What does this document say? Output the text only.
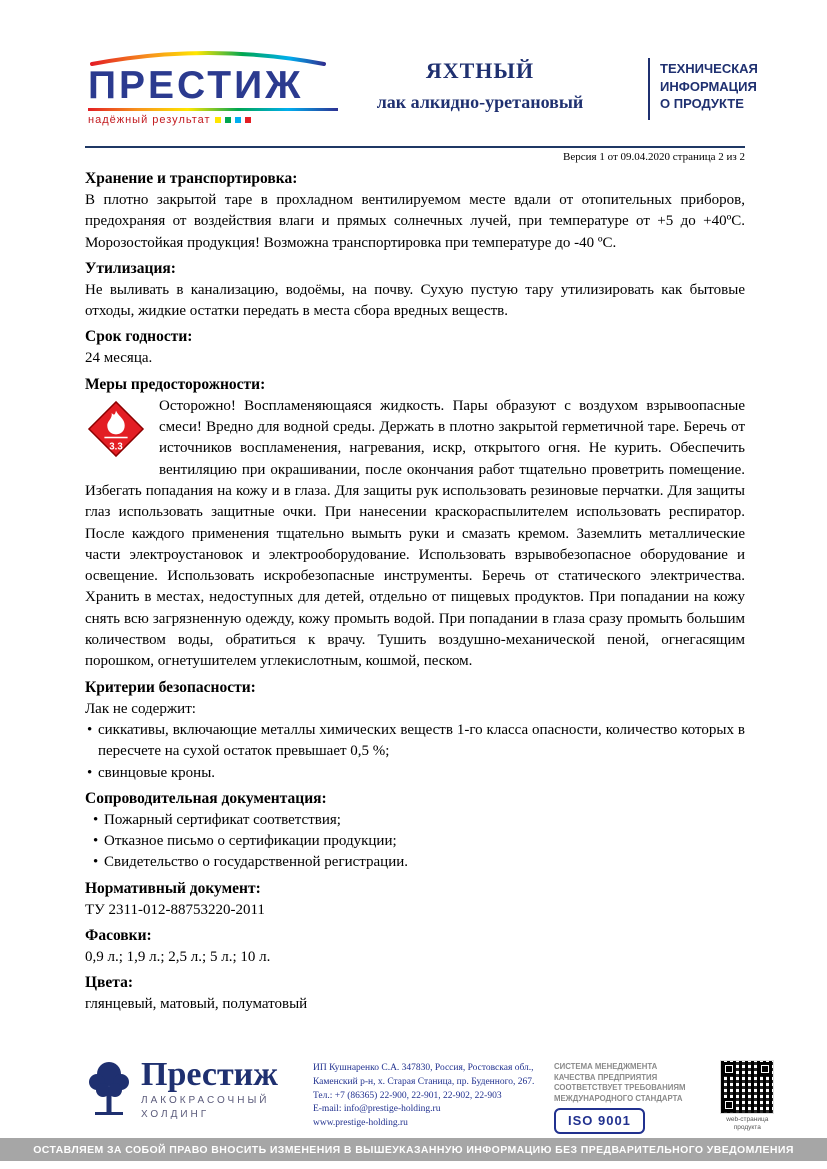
ПРЕСТИЖ
надёжный результат
ЯХТНЫЙ
лак алкидно-уретановый
ТЕХНИЧЕСКАЯ
ИНФОРМАЦИЯ
О ПРОДУКТЕ
Версия 1 от 09.04.2020 страница 2 из 2
Хранение и транспортировка:
В плотно закрытой таре в прохладном вентилируемом месте вдали от отопительных приборов, предохраняя от воздействия влаги и прямых солнечных лучей, при температуре от +5 до +40ºС. Морозостойкая продукция! Возможна транспортировка при температуре до -40 ºС.
Утилизация:
Не выливать в канализацию, водоёмы, на почву. Сухую пустую тару утилизировать как бытовые отходы, жидкие остатки передать в места сбора вредных веществ.
Срок годности:
24 месяца.
Меры предосторожности:
3.3
Осторожно! Воспламеняющаяся жидкость. Пары образуют с воздухом взрывоопасные смеси! Вредно для водной среды. Держать в плотно закрытой герметичной таре. Беречь от источников воспламенения, нагревания, искр, открытого огня. Не курить. Обеспечить вентиляцию при окрашивании, после окончания работ тщательно проветрить помещение. Избегать попадания на кожу и в глаза. Для защиты рук использовать резиновые перчатки. Для защиты глаз использовать защитные очки. При нанесении краскораспылителем использовать респиратор. После каждого применения тщательно вымыть руки и смазать кремом. Заземлить металлические части электроустановок и электрооборудование. Использовать взрывобезопасное оборудование и освещение. Использовать искробезопасные инструменты. Беречь от статического электричества. Хранить в местах, недоступных для детей, отдельно от пищевых продуктов. При попадании на кожу снять всю загрязненную одежду, кожу промыть водой. При попадании в глаза сразу промыть большим количеством воды, обратиться к врачу. Тушить воздушно-механической пеной, огнегасящим порошком, огнетушителем углекислотным, кошмой, песком.
Критерии безопасности:
Лак не содержит:
• сиккативы, включающие металлы химических веществ 1-го класса опасности, количество которых в пересчете на сухой остаток превышает 0,5 %;
• свинцовые кроны.
Сопроводительная документация:
• Пожарный сертификат соответствия;
• Отказное письмо о сертификации продукции;
• Свидетельство о государственной регистрации.
Нормативный документ:
ТУ 2311-012-88753220-2011
Фасовки:
0,9 л.; 1,9 л.; 2,5 л.; 5 л.; 10 л.
Цвета:
глянцевый, матовый, полуматовый
Престиж
ЛАКОКРАСОЧНЫЙ
ХОЛДИНГ
ИП Кушнаренко С.А. 347830, Россия, Ростовская обл.,
Каменский р-н, х. Старая Станица, пр. Буденного, 267.
Тел.: +7 (86365) 22-900, 22-901, 22-902, 22-903
E-mail: info@prestige-holding.ru
www.prestige-holding.ru
СИСТЕМА МЕНЕДЖМЕНТА
КАЧЕСТВА ПРЕДПРИЯТИЯ
СООТВЕТСТВУЕТ ТРЕБОВАНИЯМ
МЕЖДУНАРОДНОГО СТАНДАРТА
ISO 9001	web-страница
продукта
ОСТАВЛЯЕМ ЗА СОБОЙ ПРАВО ВНОСИТЬ ИЗМЕНЕНИЯ В ВЫШЕУКАЗАННУЮ ИНФОРМАЦИЮ БЕЗ ПРЕДВАРИТЕЛЬНОГО УВЕДОМЛЕНИЯ
